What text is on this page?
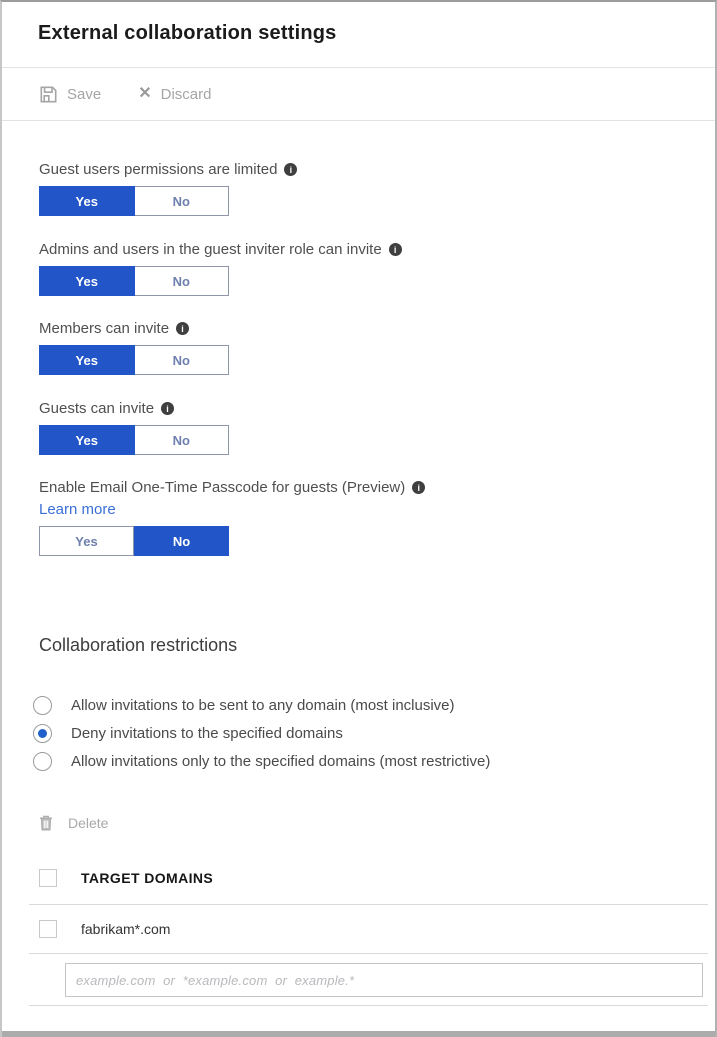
External collaboration settings
Save ✕ Discard
Guest users permissions are limited	i
Yes	No
Admins and users in the guest inviter role can invite	i
Yes	No
Members can invite	i
Yes	No
Guests can invite	i
Yes	No
Enable Email One-Time Passcode for guests (Preview)	i
Learn more
Yes	No
Collaboration restrictions
Allow invitations to be sent to any domain (most inclusive)
Deny invitations to the specified domains
Allow invitations only to the specified domains (most restrictive)
Delete
TARGET DOMAINS
fabrikam*.com
example.com or *example.com or example.*
